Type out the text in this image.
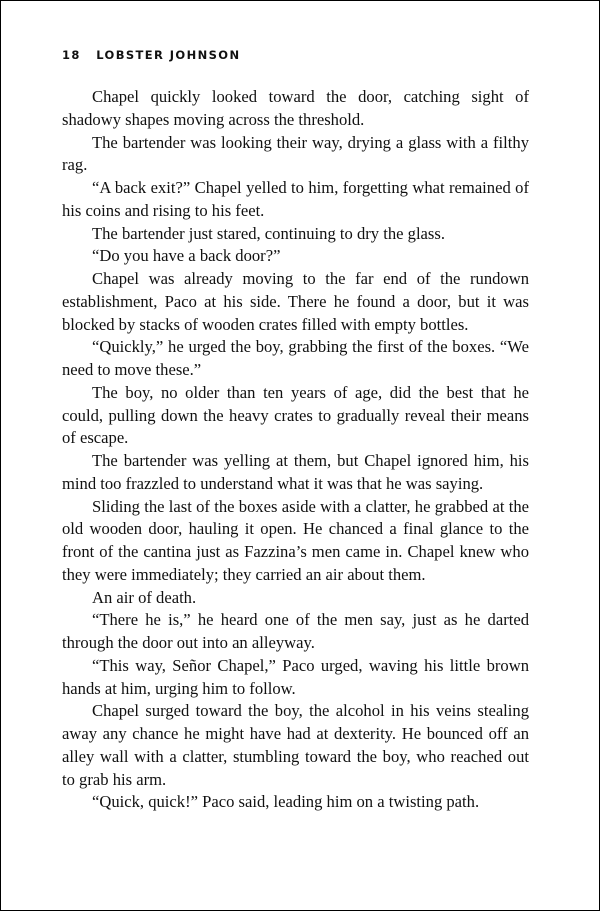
18 LOBSTER JOHNSON

Chapel quickly looked toward the door, catching sight of shadowy shapes moving across the threshold.

The bartender was looking their way, drying a glass with a filthy rag.

“A back exit?” Chapel yelled to him, forgetting what remained of his coins and rising to his feet.

The bartender just stared, continuing to dry the glass.

“Do you have a back door?”

Chapel was already moving to the far end of the rundown establishment, Paco at his side. There he found a door, but it was blocked by stacks of wooden crates filled with empty bottles.

“Quickly,” he urged the boy, grabbing the first of the boxes. “We need to move these.”

The boy, no older than ten years of age, did the best that he could, pulling down the heavy crates to gradually reveal their means of escape.

The bartender was yelling at them, but Chapel ignored him, his mind too frazzled to understand what it was that he was saying.

Sliding the last of the boxes aside with a clatter, he grabbed at the old wooden door, hauling it open. He chanced a final glance to the front of the cantina just as Fazzina’s men came in. Chapel knew who they were immediately; they carried an air about them.

An air of death.

“There he is,” he heard one of the men say, just as he darted through the door out into an alleyway.

“This way, Señor Chapel,” Paco urged, waving his little brown hands at him, urging him to follow.

Chapel surged toward the boy, the alcohol in his veins stealing away any chance he might have had at dexterity. He bounced off an alley wall with a clatter, stumbling toward the boy, who reached out to grab his arm.

“Quick, quick!” Paco said, leading him on a twisting path.
